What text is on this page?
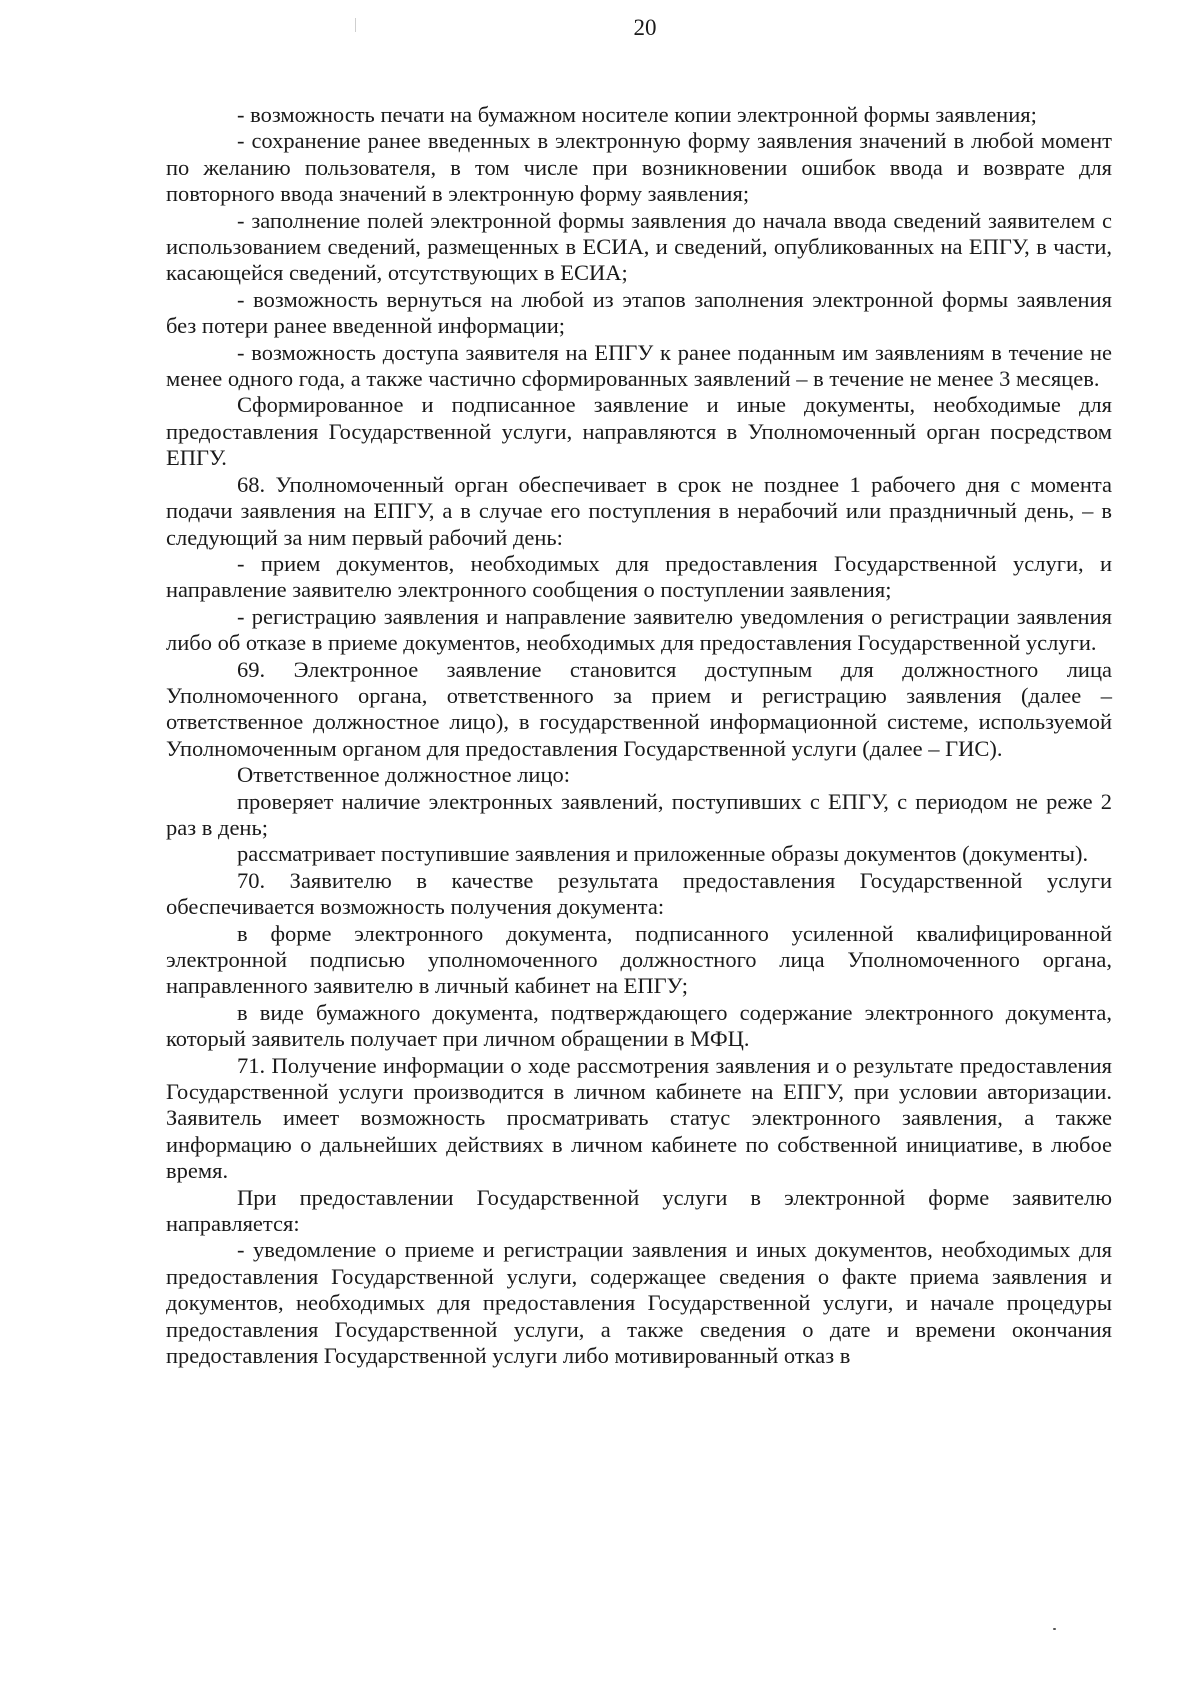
20

- возможность печати на бумажном носителе копии электронной формы заявления;

- сохранение ранее введенных в электронную форму заявления значений в любой момент по желанию пользователя, в том числе при возникновении ошибок ввода и возврате для повторного ввода значений в электронную форму заявления;

- заполнение полей электронной формы заявления до начала ввода сведений заявителем с использованием сведений, размещенных в ЕСИА, и сведений, опубликованных на ЕПГУ, в части, касающейся сведений, отсутствующих в ЕСИА;

- возможность вернуться на любой из этапов заполнения электронной формы заявления без потери ранее введенной информации;

- возможность доступа заявителя на ЕПГУ к ранее поданным им заявлениям в течение не менее одного года, а также частично сформированных заявлений – в течение не менее 3 месяцев.

Сформированное и подписанное заявление и иные документы, необходимые для предоставления Государственной услуги, направляются в Уполномоченный орган посредством ЕПГУ.

68. Уполномоченный орган обеспечивает в срок не позднее 1 рабочего дня с момента подачи заявления на ЕПГУ, а в случае его поступления в нерабочий или праздничный день, – в следующий за ним первый рабочий день:

- прием документов, необходимых для предоставления Государственной услуги, и направление заявителю электронного сообщения о поступлении заявления;

- регистрацию заявления и направление заявителю уведомления о регистрации заявления либо об отказе в приеме документов, необходимых для предоставления Государственной услуги.

69. Электронное заявление становится доступным для должностного лица Уполномоченного органа, ответственного за прием и регистрацию заявления (далее – ответственное должностное лицо), в государственной информационной системе, используемой Уполномоченным органом для предоставления Государственной услуги (далее – ГИС).

Ответственное должностное лицо:

проверяет наличие электронных заявлений, поступивших с ЕПГУ, с периодом не реже 2 раз в день;

рассматривает поступившие заявления и приложенные образы документов (документы).

70. Заявителю в качестве результата предоставления Государственной услуги обеспечивается возможность получения документа:

в форме электронного документа, подписанного усиленной квалифицированной электронной подписью уполномоченного должностного лица Уполномоченного органа, направленного заявителю в личный кабинет на ЕПГУ;

в виде бумажного документа, подтверждающего содержание электронного документа, который заявитель получает при личном обращении в МФЦ.

71. Получение информации о ходе рассмотрения заявления и о результате предоставления Государственной услуги производится в личном кабинете на ЕПГУ, при условии авторизации. Заявитель имеет возможность просматривать статус электронного заявления, а также информацию о дальнейших действиях в личном кабинете по собственной инициативе, в любое время.

При предоставлении Государственной услуги в электронной форме заявителю направляется:

- уведомление о приеме и регистрации заявления и иных документов, необходимых для предоставления Государственной услуги, содержащее сведения о факте приема заявления и документов, необходимых для предоставления Государственной услуги, и начале процедуры предоставления Государственной услуги, а также сведения о дате и времени окончания предоставления Государственной услуги либо мотивированный отказ в
